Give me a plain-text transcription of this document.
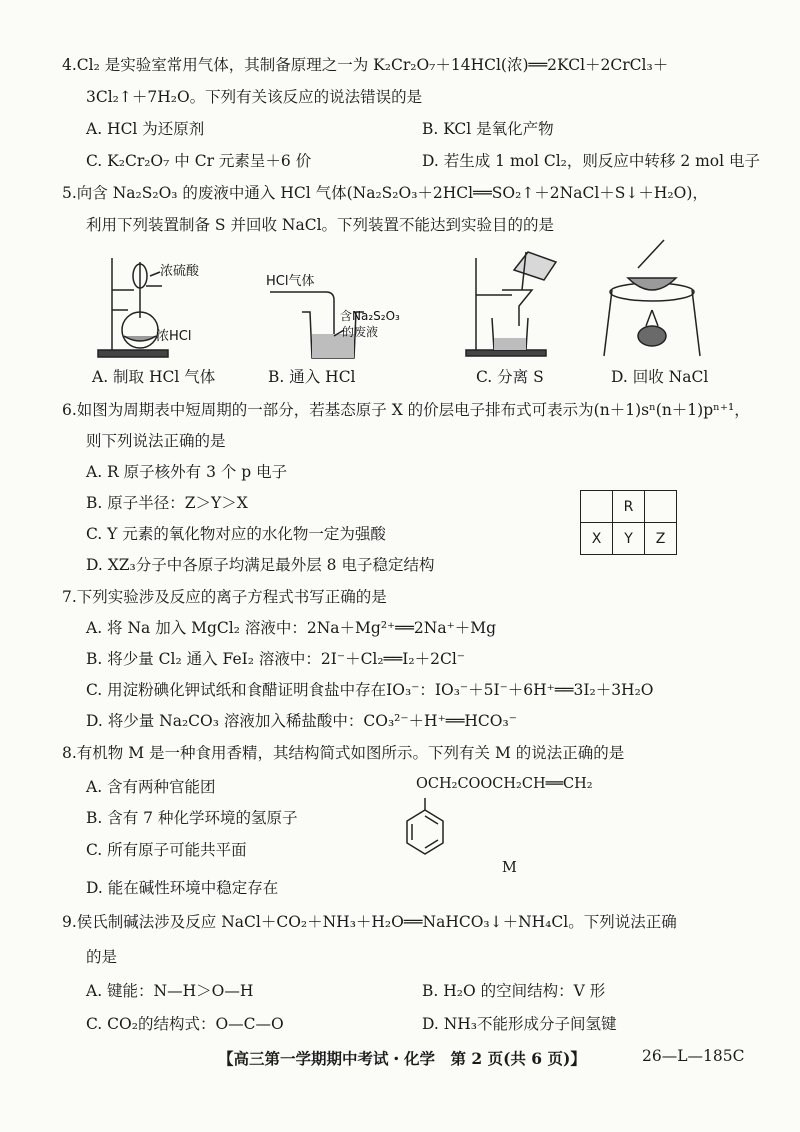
4.Cl₂ 是实验室常用气体，其制备原理之一为 K₂Cr₂O₇＋14HCl(浓)══2KCl＋2CrCl₃＋
3Cl₂↑＋7H₂O。下列有关该反应的说法错误的是
A. HCl 为还原剂	B. KCl 是氧化产物
C. K₂Cr₂O₇ 中 Cr 元素呈＋6 价	D. 若生成 1 mol Cl₂，则反应中转移 2 mol 电子
5.向含 Na₂S₂O₃ 的废液中通入 HCl 气体(Na₂S₂O₃＋2HCl══SO₂↑＋2NaCl＋S↓＋H₂O)，
利用下列装置制备 S 并回收 NaCl。下列装置不能达到实验目的的是
浓硫酸
浓HCl
HCl气体
含Na₂S₂O₃
的废液
A. 制取 HCl 气体	B. 通入 HCl	C. 分离 S	D. 回收 NaCl
6.如图为周期表中短周期的一部分，若基态原子 X 的价层电子排布式可表示为(n＋1)sⁿ(n＋1)pⁿ⁺¹，
则下列说法正确的是
A. R 原子核外有 3 个 p 电子
B. 原子半径：Z＞Y＞X
C. Y 元素的氧化物对应的水化物一定为强酸
D. XZ₃分子中各原子均满足最外层 8 电子稳定结构
	R	
X	Y	Z
7.下列实验涉及反应的离子方程式书写正确的是
A. 将 Na 加入 MgCl₂ 溶液中：2Na＋Mg²⁺══2Na⁺＋Mg
B. 将少量 Cl₂ 通入 FeI₂ 溶液中：2I⁻＋Cl₂══I₂＋2Cl⁻
C. 用淀粉碘化钾试纸和食醋证明食盐中存在IO₃⁻：IO₃⁻＋5I⁻＋6H⁺══3I₂＋3H₂O
D. 将少量 Na₂CO₃ 溶液加入稀盐酸中：CO₃²⁻＋H⁺══HCO₃⁻
8.有机物 M 是一种食用香精，其结构简式如图所示。下列有关 M 的说法正确的是
A. 含有两种官能团
B. 含有 7 种化学环境的氢原子
C. 所有原子可能共平面
D. 能在碱性环境中稳定存在
OCH₂COOCH₂CH══CH₂
M
9.侯氏制碱法涉及反应 NaCl＋CO₂＋NH₃＋H₂O══NaHCO₃↓＋NH₄Cl。下列说法正确
的是
A. 键能：N—H＞O—H	B. H₂O 的空间结构：V 形
C. CO₂的结构式：O—C—O	D. NH₃不能形成分子间氢键
【高三第一学期期中考试・化学　第 2 页(共 6 页)】	26—L—185C
